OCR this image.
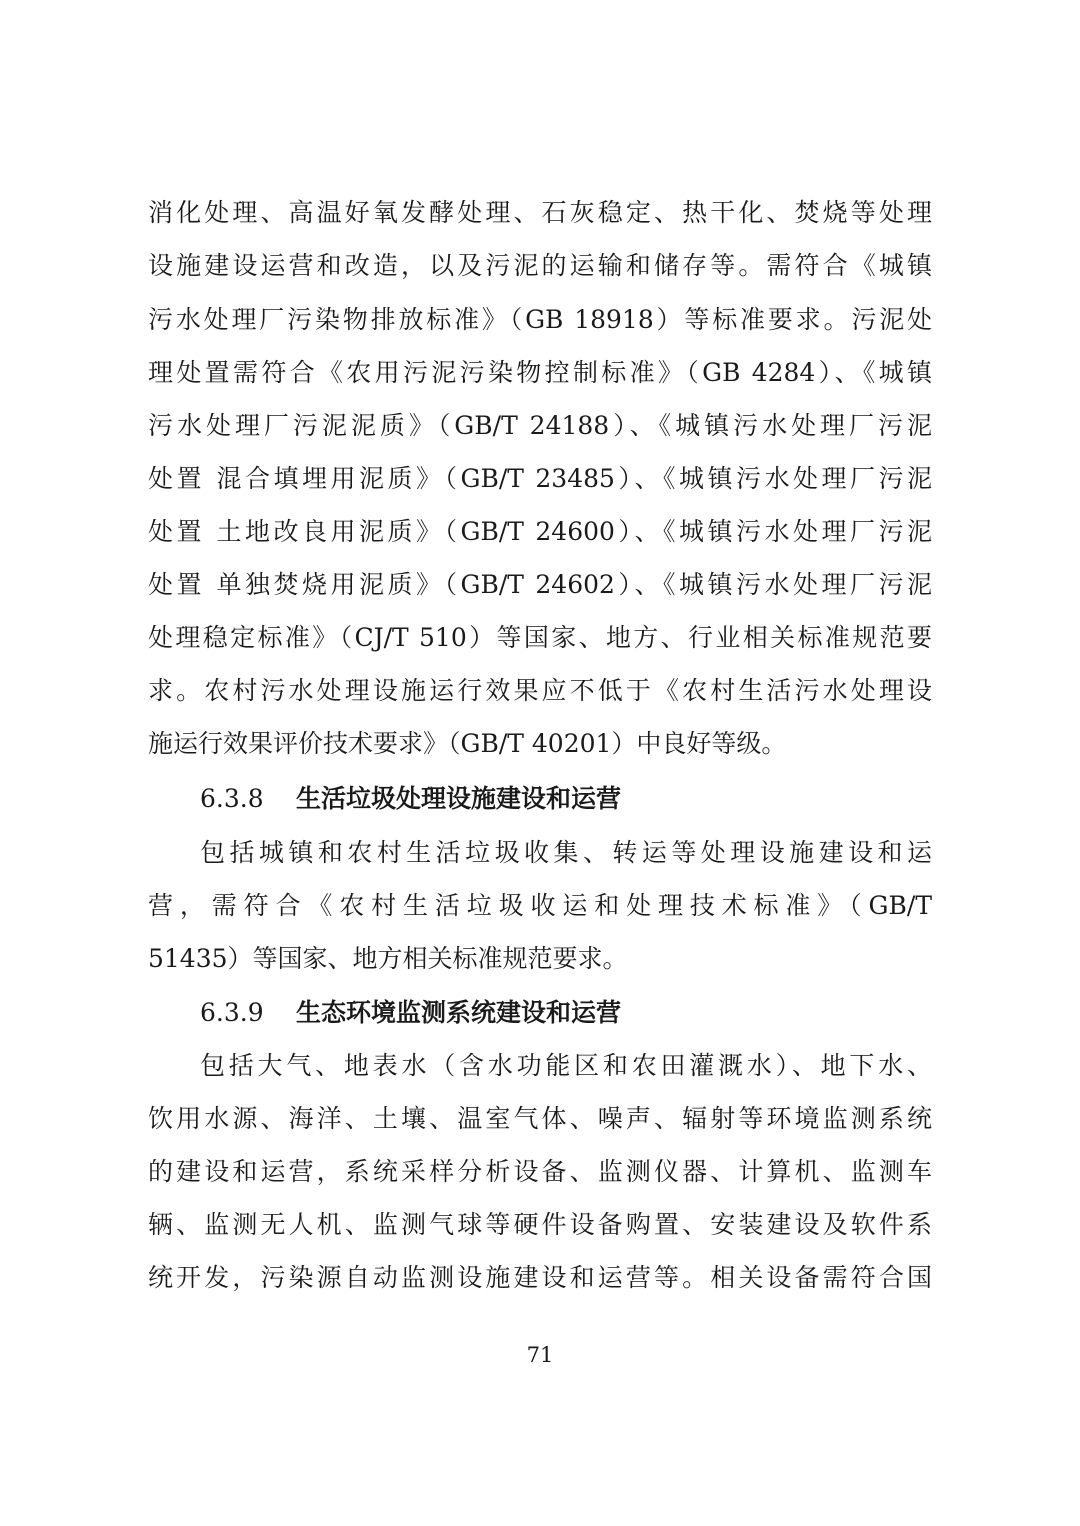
消化处理、高温好氧发酵处理、石灰稳定、热干化、焚烧等处理
设施建设运营和改造，以及污泥的运输和储存等。需符合《城镇
污水处理厂污染物排放标准》（GB 18918）等标准要求。污泥处
理处置需符合《农用污泥污染物控制标准》（GB 4284）、《城镇
污水处理厂污泥泥质》（GB/T 24188）、《城镇污水处理厂污泥
处置 混合填埋用泥质》（GB/T 23485）、《城镇污水处理厂污泥
处置 土地改良用泥质》（GB/T 24600）、《城镇污水处理厂污泥
处置 单独焚烧用泥质》（GB/T 24602）、《城镇污水处理厂污泥
处理稳定标准》（CJ/T 510）等国家、地方、行业相关标准规范要
求。农村污水处理设施运行效果应不低于《农村生活污水处理设
施运行效果评价技术要求》（GB/T 40201）中良好等级。
6.3.8 生活垃圾处理设施建设和运营
包括城镇和农村生活垃圾收集、转运等处理设施建设和运
营，需符合《农村生活垃圾收运和处理技术标准》（GB/T
51435）等国家、地方相关标准规范要求。
6.3.9 生态环境监测系统建设和运营
包括大气、地表水（含水功能区和农田灌溉水）、地下水、
饮用水源、海洋、土壤、温室气体、噪声、辐射等环境监测系统
的建设和运营，系统采样分析设备、监测仪器、计算机、监测车
辆、监测无人机、监测气球等硬件设备购置、安装建设及软件系
统开发，污染源自动监测设施建设和运营等。相关设备需符合国
71
